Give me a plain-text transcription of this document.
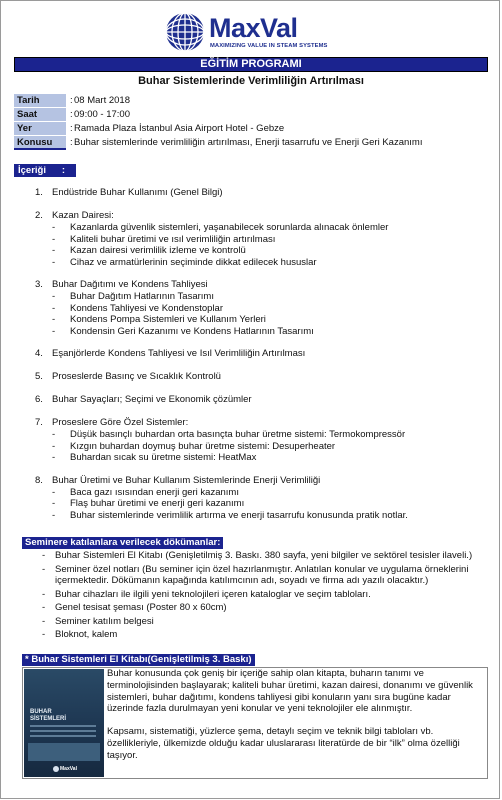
MaxVal
MAXIMIZING VALUE IN STEAM SYSTEMS
EĞİTİM PROGRAMI
Buhar Sistemlerinde Verimliliğin Artırılması
Tarih	: 08 Mart 2018
Saat	: 09:00 - 17:00
Yer	: Ramada Plaza İstanbul Asia Airport Hotel - Gebze
Konusu	: Buhar sistemlerinde verimliliğin artırılması, Enerji tasarrufu ve Enerji Geri Kazanımı
İçeriği      :
1. Endüstride Buhar Kullanımı (Genel Bilgi)
2. Kazan Dairesi:
- Kazanlarda güvenlik sistemleri, yaşanabilecek sorunlarda alınacak önlemler
- Kaliteli buhar üretimi ve ısıl verimliliğin artırılması
- Kazan dairesi verimlilik izleme ve kontrolü
- Cihaz ve armatürlerinin seçiminde dikkat edilecek hususlar
3. Buhar Dağıtımı ve Kondens Tahliyesi
- Buhar Dağıtım Hatlarının Tasarımı
- Kondens Tahliyesi ve Kondenstoplar
- Kondens Pompa Sistemleri ve Kullanım Yerleri
- Kondensin Geri Kazanımı ve Kondens Hatlarının Tasarımı
4. Eşanjörlerde Kondens Tahliyesi ve Isıl Verimliliğin Artırılması
5. Proseslerde Basınç ve Sıcaklık Kontrolü
6. Buhar Sayaçları; Seçimi ve Ekonomik çözümler
7. Proseslere Göre Özel Sistemler:
- Düşük basınçlı buhardan orta basınçta buhar üretme sistemi: Termokompressör
- Kızgın buhardan doymuş buhar üretme sistemi: Desuperheater
- Buhardan sıcak su üretme sistemi: HeatMax
8. Buhar Üretimi ve Buhar Kullanım Sistemlerinde Enerji Verimliliği
- Baca gazı ısısından enerji geri kazanımı
- Flaş buhar üretimi ve enerji geri kazanımı
- Buhar sistemlerinde verimlilik artırma ve enerji tasarrufu konusunda pratik notlar.
Seminere katılanlara verilecek dökümanlar:
- Buhar Sistemleri El Kitabı (Genişletilmiş 3. Baskı. 380 sayfa, yeni bilgiler ve sektörel tesisler ilaveli.)
- Seminer özel notları (Bu seminer için özel hazırlanmıştır. Anlatılan konular ve uygulama örneklerini içermektedir. Dökümanın kapağında katılımcının adı, soyadı ve firma adı yazılı olacaktır.)
- Buhar cihazları ile ilgili yeni teknolojileri içeren kataloglar ve seçim tabloları.
- Genel tesisat şeması (Poster 80 x 60cm)
- Seminer katılım belgesi
- Bloknot, kalem
* Buhar Sistemleri El Kitabı(Genişletilmiş 3. Baskı)
BUHAR
SİSTEMLERİ
MaxVal

Buhar konusunda çok geniş bir içeriğe sahip olan kitapta, buharın tanımı ve terminolojisinden başlayarak; kaliteli buhar üretimi, kazan dairesi, donanımı ve güvenlik sistemleri, buhar dağıtımı, kondens tahliyesi gibi konuların yanı sıra bugüne kadar üzerinde fazla durulmayan yeni konular ve yeni teknolojiler ele alınmıştır.

Kapsamı, sistematiği, yüzlerce şema, detaylı seçim ve teknik bilgi tabloları vb. özellikleriyle, ülkemizde olduğu kadar uluslararası literatürde de bir “ilk” olma özelliği taşıyor.
